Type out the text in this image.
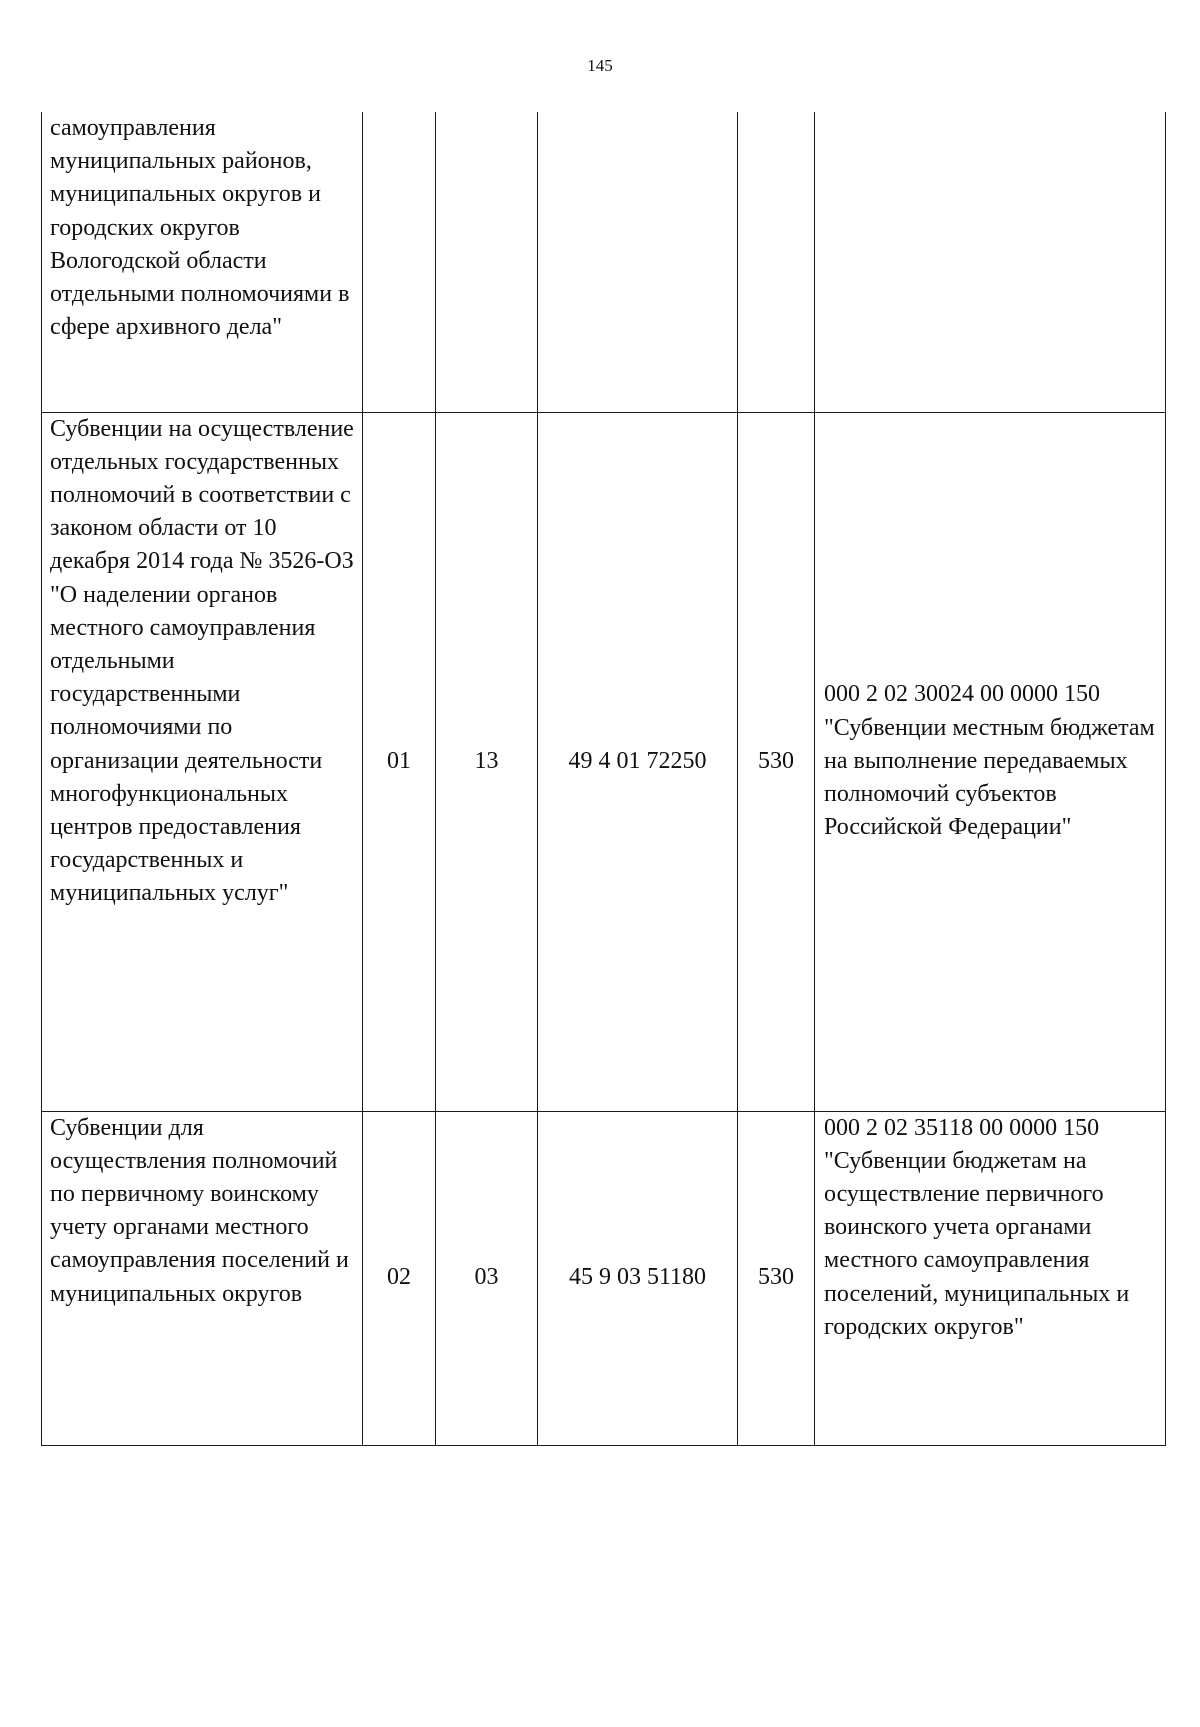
145
самоуправления муниципальных районов, муниципальных округов и городских округов Вологодской области отдельными полномочиями в сфере архивного дела"					

Субвенции на осуществление отдельных государственных полномочий в соответствии с законом области от 10 декабря 2014 года № 3526-ОЗ "О наделении органов местного самоуправления отдельными государственными полномочиями по организации деятельности многофункциональных центров предоставления государственных и муниципальных услуг"	01	13	49 4 01 72250	530	000 2 02 30024 00 0000 150 "Субвенции местным бюджетам на выполнение передаваемых полномочий субъектов Российской Федерации"

Субвенции для осуществления полномочий по первичному воинскому учету органами местного самоуправления поселений и муниципальных округов	02	03	45 9 03 51180	530	000 2 02 35118 00 0000 150 "Субвенции бюджетам на осуществление первичного воинского учета органами местного самоуправления поселений, муниципальных и городских округов"
